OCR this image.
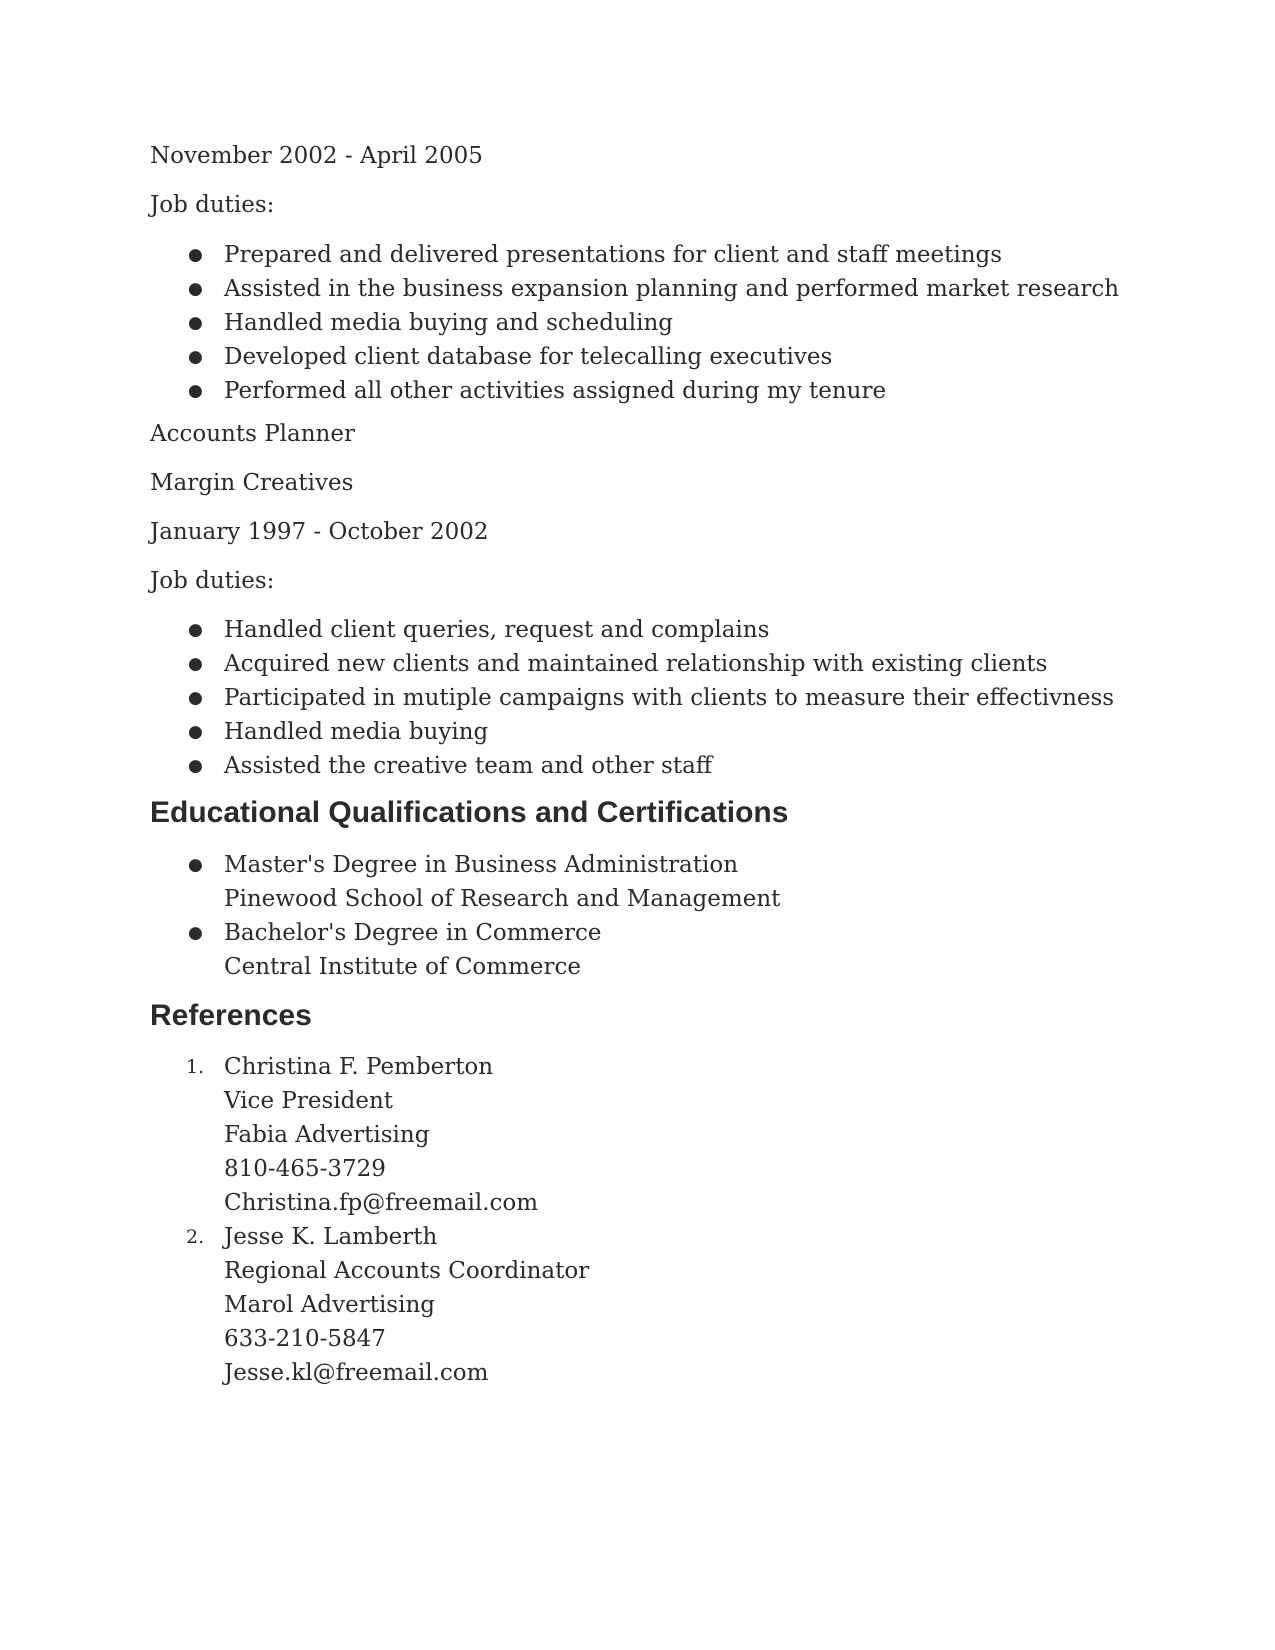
November 2002 - April 2005
Job duties:
● Prepared and delivered presentations for client and staff meetings
● Assisted in the business expansion planning and performed market research
● Handled media buying and scheduling
● Developed client database for telecalling executives
● Performed all other activities assigned during my tenure
Accounts Planner
Margin Creatives
January 1997 - October 2002
Job duties:
● Handled client queries, request and complains
● Acquired new clients and maintained relationship with existing clients
● Participated in mutiple campaigns with clients to measure their effectivness
● Handled media buying
● Assisted the creative team and other staff
Educational Qualifications and Certifications
● Master's Degree in Business Administration
Pinewood School of Research and Management
● Bachelor's Degree in Commerce
Central Institute of Commerce
References
1. Christina F. Pemberton
Vice President
Fabia Advertising
810-465-3729
Christina.fp@freemail.com
2. Jesse K. Lamberth
Regional Accounts Coordinator
Marol Advertising
633-210-5847
Jesse.kl@freemail.com
